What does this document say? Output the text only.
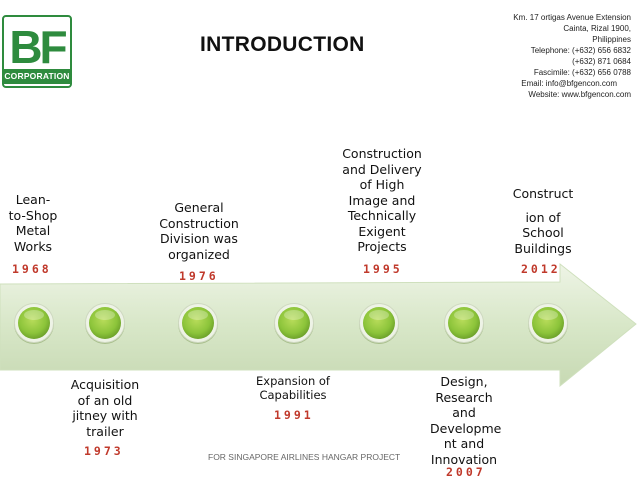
BF
CORPORATION
INTRODUCTION
Km. 17 ortigas Avenue Extension
Cainta, Rizal 1900,
Philippines
Telephone: (+632) 656 6832
(+632) 871 0684
Fascimile: (+632) 656 0788
Email: info@bfgencon.com
Website: www.bfgencon.com
Lean-
to-Shop
Metal
Works
1968
General
Construction
Division was
organized
1976
Construction
and Delivery
of High
Image and
Technically
Exigent
Projects
1995
Construct
ion of
School
Buildings
2012
Acquisition
of an old
jitney with
trailer
1973
Expansion of
Capabilities
1991
Design,
Research
and
Developme
nt and
Innovation
2007
FOR SINGAPORE AIRLINES HANGAR PROJECT
